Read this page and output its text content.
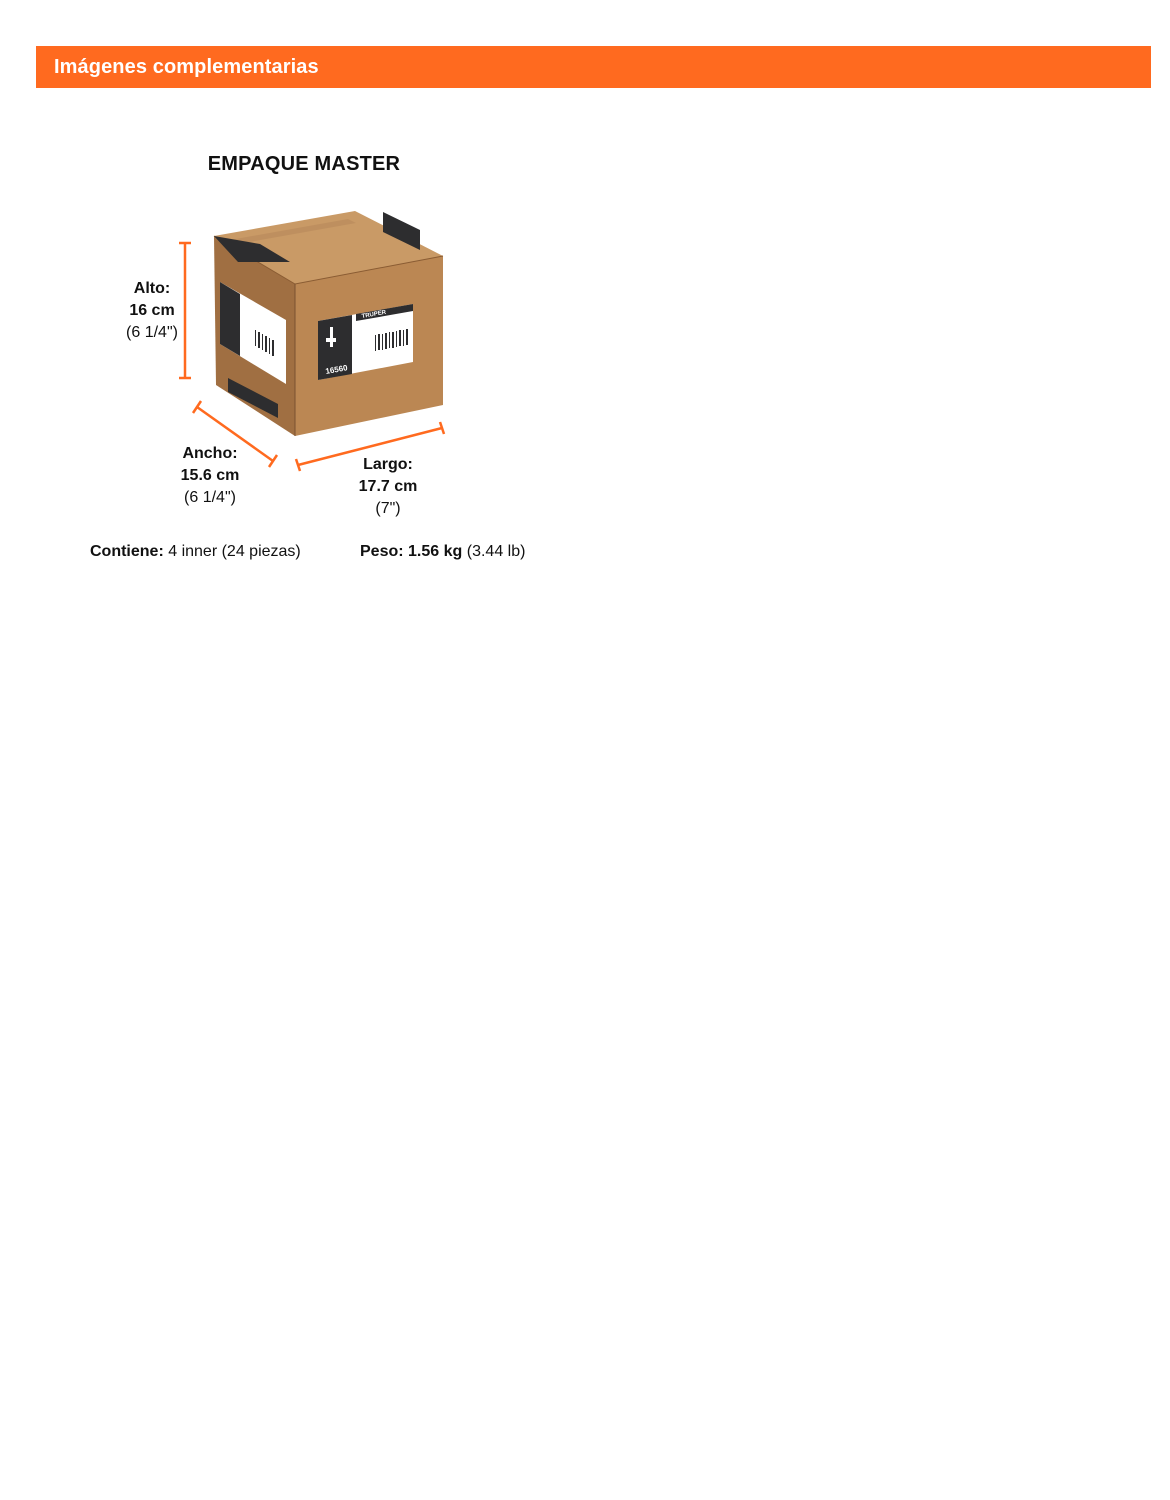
Imágenes complementarias
EMPAQUE MASTER
16560
TRUPER
Alto:
16 cm
(6 1/4")
Ancho:
15.6 cm
(6 1/4")
Largo:
17.7 cm
(7")
Contiene: 4 inner (24 piezas)	Peso: 1.56 kg (3.44 lb)
